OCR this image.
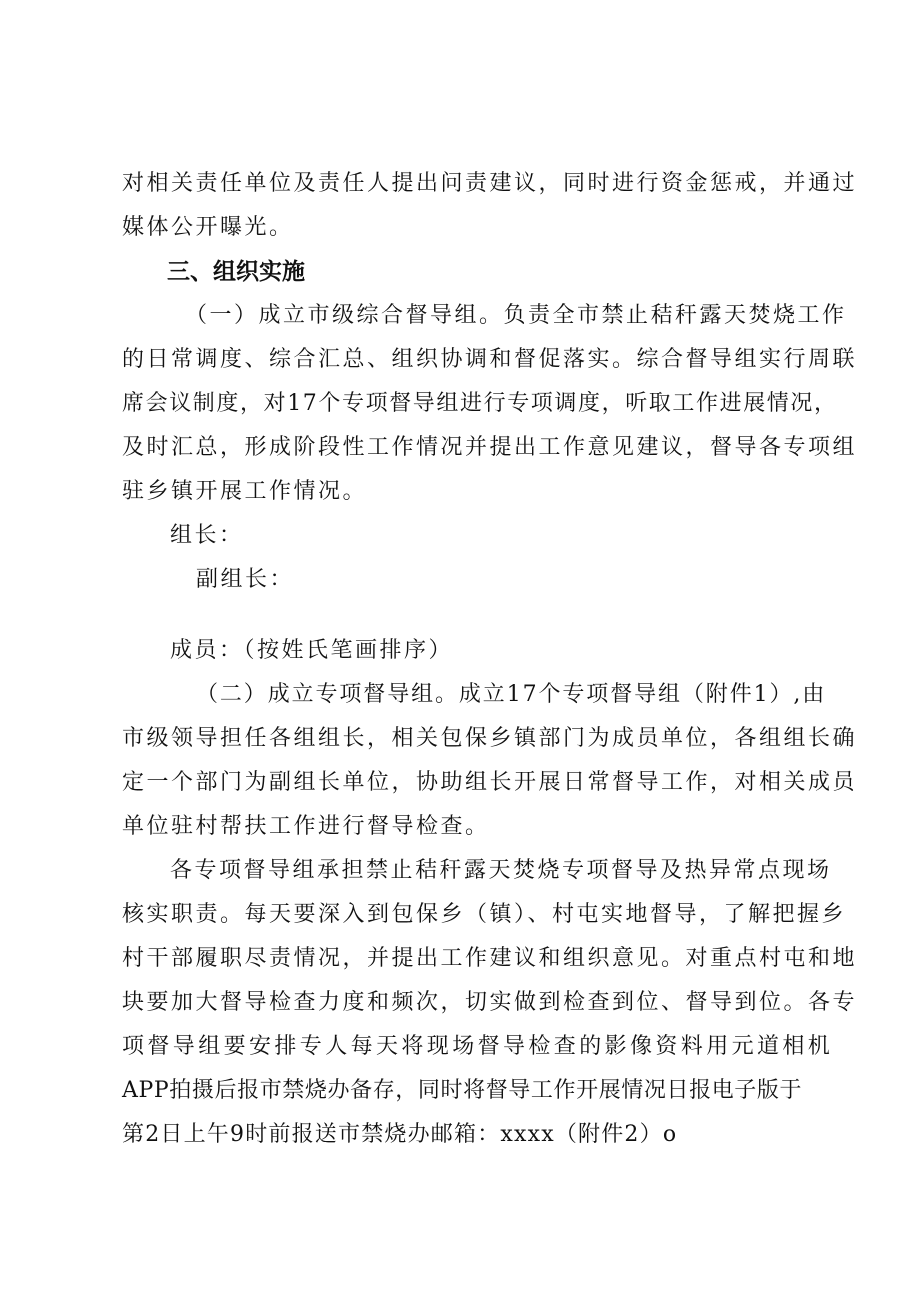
对相关责任单位及责任人提出问责建议，同时进行资金惩戒，并通过
媒体公开曝光。
三、组织实施
（一）成立市级综合督导组。负责全市禁止秸秆露天焚烧工作
的日常调度、综合汇总、组织协调和督促落实。综合督导组实行周联
席会议制度，对17个专项督导组进行专项调度，听取工作进展情况，
及时汇总，形成阶段性工作情况并提出工作意见建议，督导各专项组
驻乡镇开展工作情况。
组长：
副组长：
成员：（按姓氏笔画排序）
（二）成立专项督导组。成立17个专项督导组（附件1）,由
市级领导担任各组组长，相关包保乡镇部门为成员单位，各组组长确
定一个部门为副组长单位，协助组长开展日常督导工作，对相关成员
单位驻村帮扶工作进行督导检查。
各专项督导组承担禁止秸秆露天焚烧专项督导及热异常点现场
核实职责。每天要深入到包保乡（镇）、村屯实地督导，了解把握乡
村干部履职尽责情况，并提出工作建议和组织意见。对重点村屯和地
块要加大督导检查力度和频次，切实做到检查到位、督导到位。各专
项督导组要安排专人每天将现场督导检查的影像资料用元道相机
APP拍摄后报市禁烧办备存，同时将督导工作开展情况日报电子版于
第2日上午9时前报送市禁烧办邮箱：xxxx（附件2）o
